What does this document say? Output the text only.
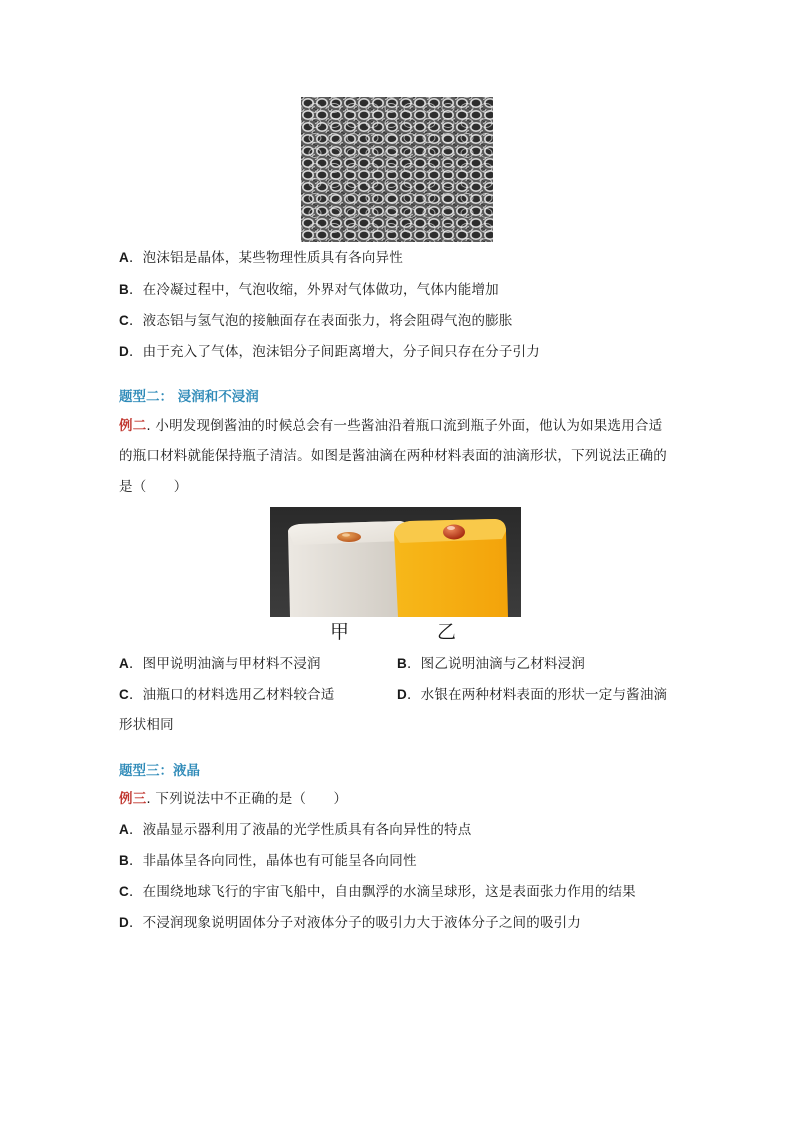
A．泡沫铝是晶体，某些物理性质具有各向异性
B．在冷凝过程中，气泡收缩，外界对气体做功，气体内能增加
C．液态铝与氢气泡的接触面存在表面张力，将会阻碍气泡的膨胀
D．由于充入了气体，泡沫铝分子间距离增大，分子间只存在分子引力
题型二： 浸润和不浸润
例二. 小明发现倒酱油的时候总会有一些酱油沿着瓶口流到瓶子外面，他认为如果选用合适
的瓶口材料就能保持瓶子清洁。如图是酱油滴在两种材料表面的油滴形状，下列说法正确的
是（　　）
甲	乙
A．图甲说明油滴与甲材料不浸润	B．图乙说明油滴与乙材料浸润
C．油瓶口的材料选用乙材料较合适	D．水银在两种材料表面的形状一定与酱油滴
形状相同
题型三：液晶
例三. 下列说法中不正确的是（　　）
A．液晶显示器利用了液晶的光学性质具有各向异性的特点
B．非晶体呈各向同性，晶体也有可能呈各向同性
C．在围绕地球飞行的宇宙飞船中，自由飘浮的水滴呈球形，这是表面张力作用的结果
D．不浸润现象说明固体分子对液体分子的吸引力大于液体分子之间的吸引力
